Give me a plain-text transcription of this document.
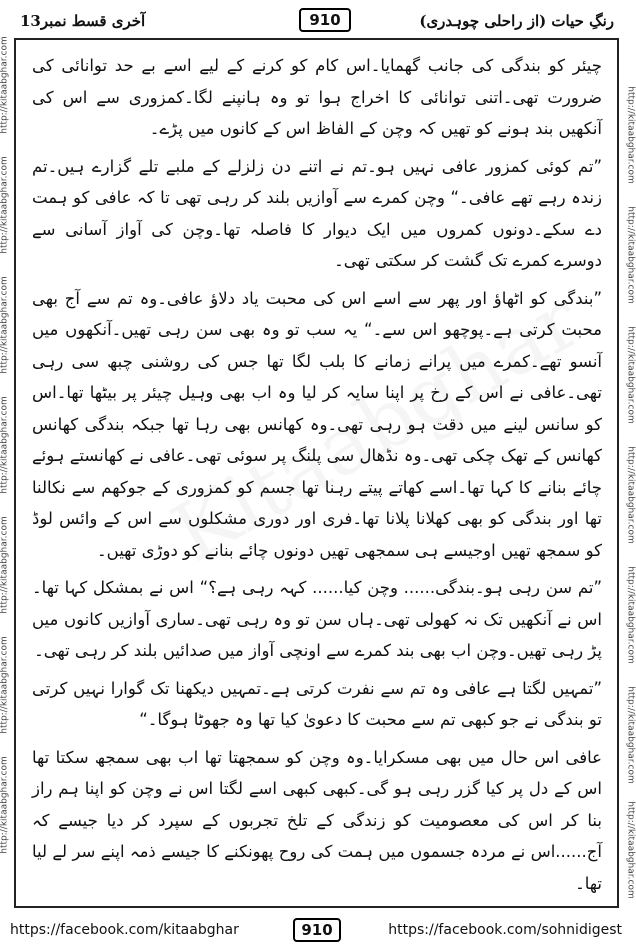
رنگِ حیات (از راحلی چوہدری)
910
آخری قسط نمبر13
http://kitaabghar.com
http://kitaabghar.com
http://kitaabghar.com
http://kitaabghar.com
http://kitaabghar.com
http://kitaabghar.com
http://kitaabghar.com
http://kitaabghar.com
http://kitaabghar.com
http://kitaabghar.com
http://kitaabghar.com
http://kitaabghar.com
http://kitaabghar.com
http://kitaabghar.com

چیئر کو بندگی کی جانب گھمایا۔اس کام کو کرنے کے لیے اسے بے حد توانائی کی ضرورت تھی۔اتنی توانائی کا اخراج ہوا تو وہ ہانپنے لگا۔کمزوری سے اس کی آنکھیں بند ہونے کو تھیں کہ وچن کے الفاظ اس کے کانوں میں پڑے۔

”تم کوئی کمزور عافی نہیں ہو۔تم نے اتنے دن زلزلے کے ملبے تلے گزارے ہیں۔تم زندہ رہے تھے عافی۔“ وچن کمرے سے آوازیں بلند کر رہی تھی تا کہ عافی کو ہمت دے سکے۔دونوں کمروں میں ایک دیوار کا فاصلہ تھا۔وچن کی آواز آسانی سے دوسرے کمرے تک گشت کر سکتی تھی۔

”بندگی کو اٹھاؤ اور پھر سے اسے اس کی محبت یاد دلاؤ عافی۔وہ تم سے آج بھی محبت کرتی ہے۔پوچھو اس سے۔“ یہ سب تو وہ بھی سن رہی تھیں۔آنکھوں میں آنسو تھے۔کمرے میں پرانے زمانے کا بلب لگا تھا جس کی روشنی چبھ سی رہی تھی۔عافی نے اس کے رخ پر اپنا سایہ کر لیا وہ اب بھی وہیل چیئر پر بیٹھا تھا۔اس کو سانس لینے میں دقت ہو رہی تھی۔وہ کھانس بھی رہا تھا جبکہ بندگی کھانس کھانس کے تھک چکی تھی۔وہ نڈھال سی پلنگ پر سوئی تھی۔عافی نے کھانستے ہوئے چائے بنانے کا کہا تھا۔اسے کھاتے پیتے رہنا تھا جسم کو کمزوری کے جوکھم سے نکالنا تھا اور بندگی کو بھی کھلانا پلانا تھا۔فری اور دوری مشکلوں سے اس کے وائس لوڈ کو سمجھ تھیں اوجیسے ہی سمجھی تھیں دونوں چائے بنانے کو دوڑی تھیں۔

”تم سن رہی ہو۔بندگی...... وچن کیا...... کہہ رہی ہے؟“ اس نے بمشکل کہا تھا۔اس نے آنکھیں تک نہ کھولی تھی۔ہاں سن تو وہ رہی تھی۔ساری آوازیں کانوں میں پڑ رہی تھیں۔وچن اب بھی بند کمرے سے اونچی آواز میں صدائیں بلند کر رہی تھی۔

”تمہیں لگتا ہے عافی وہ تم سے نفرت کرتی ہے۔تمہیں دیکھنا تک گوارا نہیں کرتی تو بندگی نے جو کبھی تم سے محبت کا دعویٰ کیا تھا وہ جھوٹا ہوگا۔“

عافی اس حال میں بھی مسکرایا۔وہ وچن کو سمجھتا تھا اب بھی سمجھ سکتا تھا اس کے دل پر کیا گزر رہی ہو گی۔کبھی کبھی اسے لگتا اس نے وچن کو اپنا ہم راز بنا کر اس کی معصومیت کو زندگی کے تلخ تجربوں کے سپرد کر دیا جیسے کہ آج......اس نے مردہ جسموں میں ہمت کی روح پھونکنے کا جیسے ذمہ اپنے سر لے لیا تھا۔

https://facebook.com/kitaabghar	910	https://facebook.com/sohnidigest
